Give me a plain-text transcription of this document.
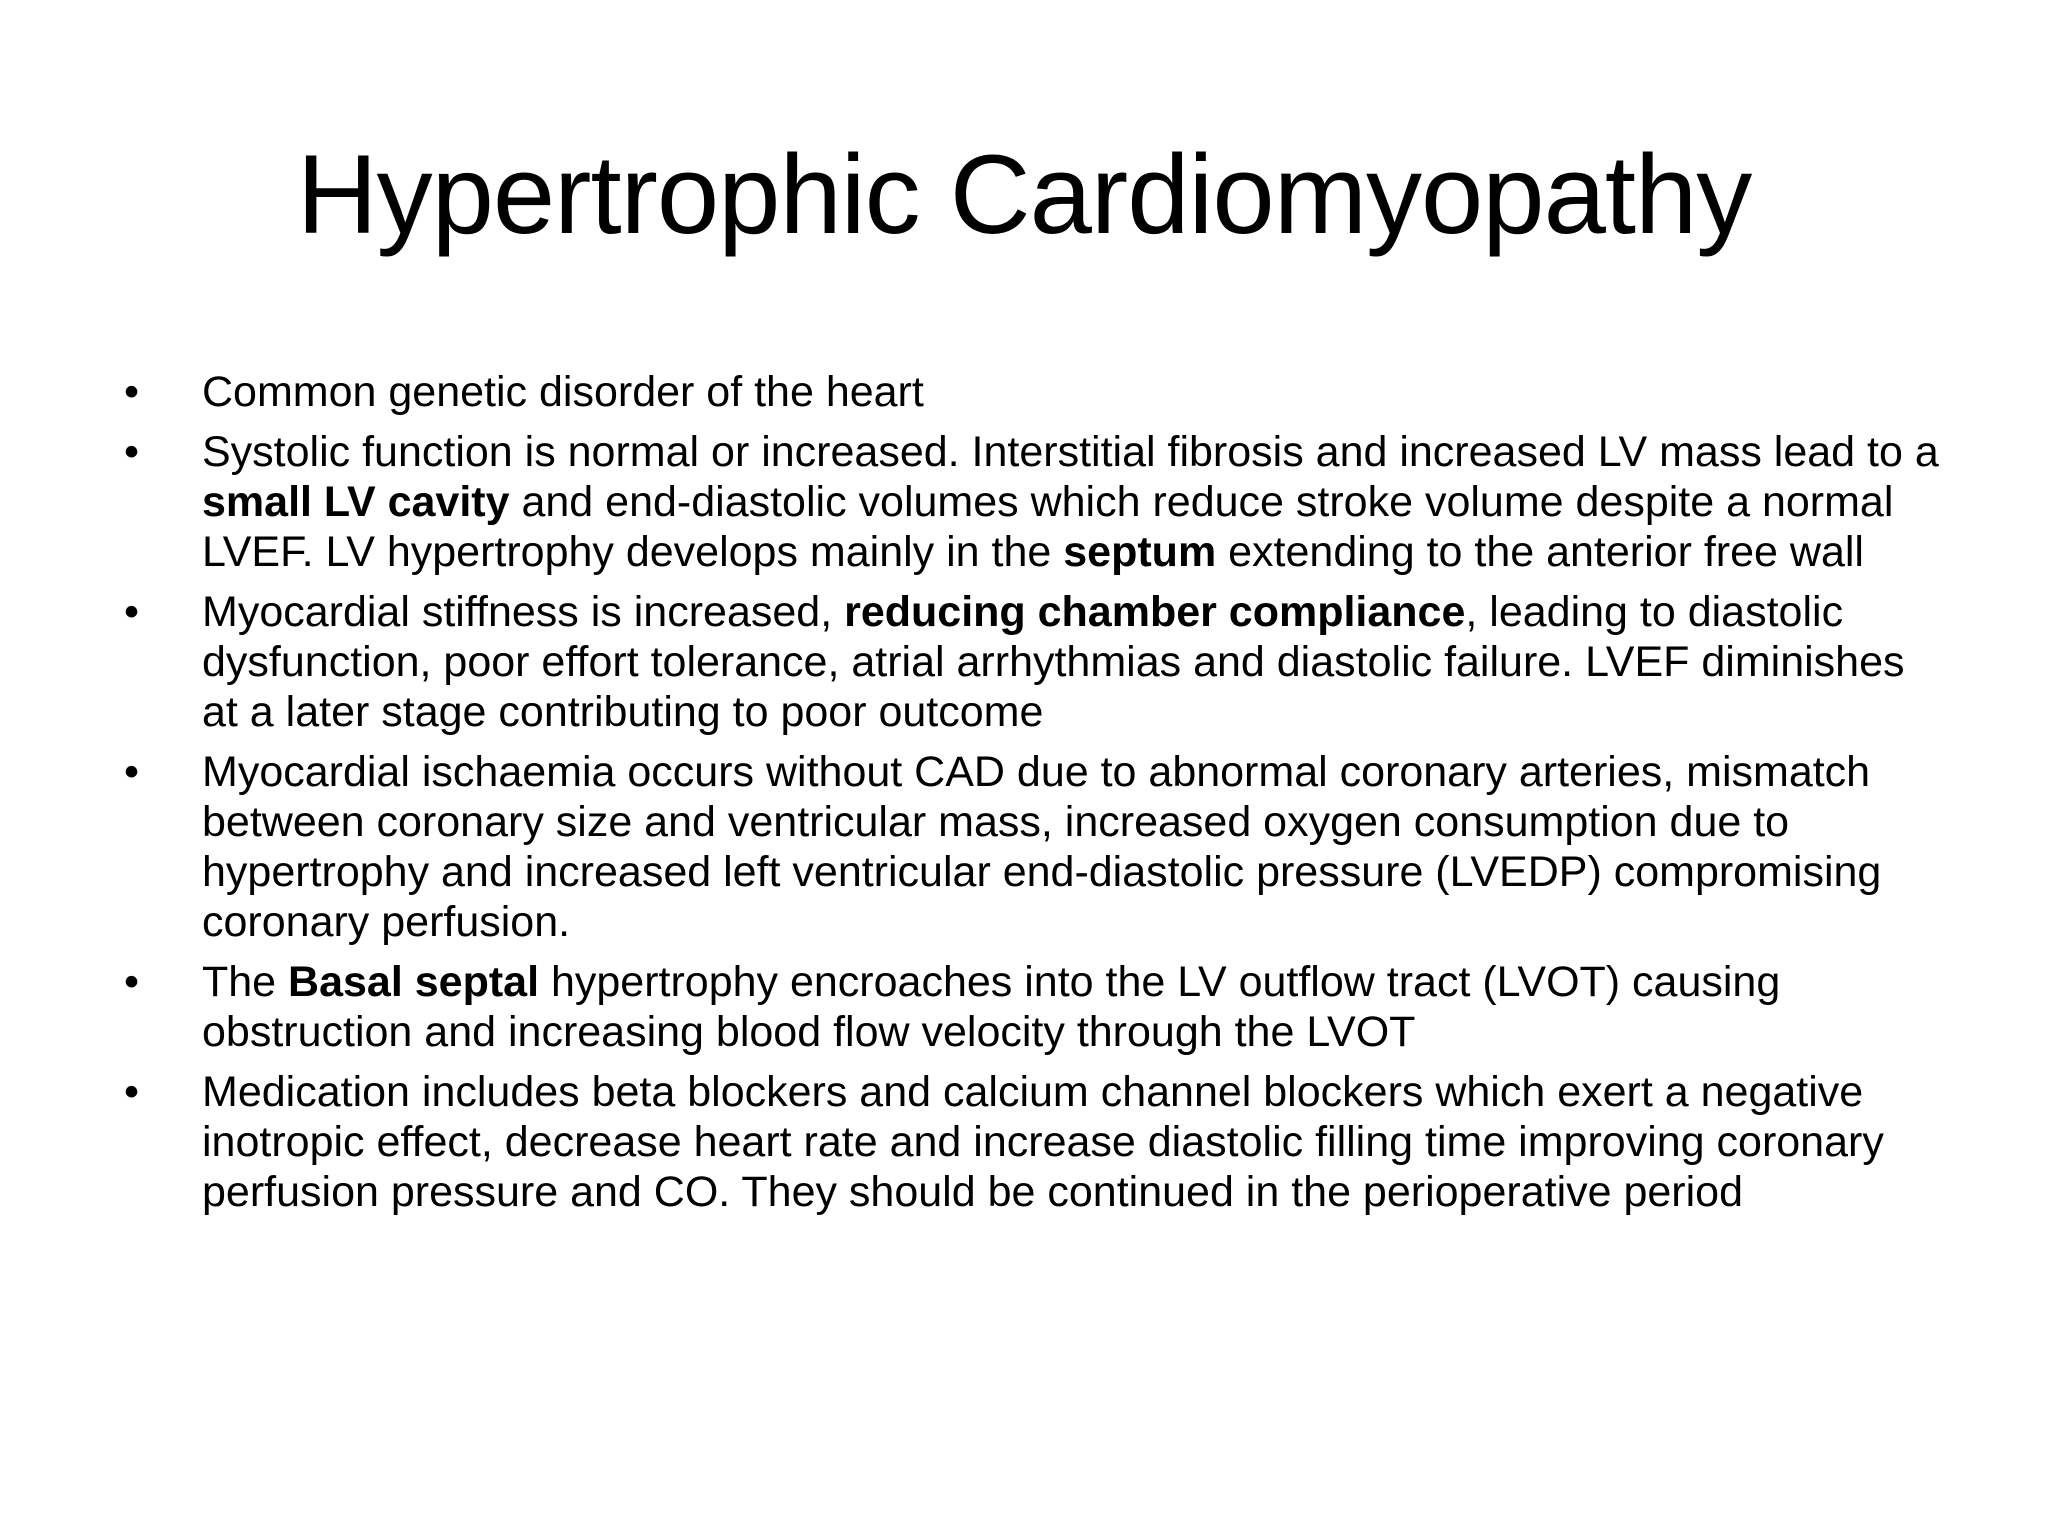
Hypertrophic Cardiomyopathy
• Common genetic disorder of the heart
• Systolic function is normal or increased. Interstitial fibrosis and increased LV mass lead to a small LV cavity and end-diastolic volumes which reduce stroke volume despite a normal LVEF. LV hypertrophy develops mainly in the septum extending to the anterior free wall
• Myocardial stiffness is increased, reducing chamber compliance, leading to diastolic dysfunction, poor effort tolerance, atrial arrhythmias and diastolic failure. LVEF diminishes at a later stage contributing to poor outcome
• Myocardial ischaemia occurs without CAD due to abnormal coronary arteries, mismatch between coronary size and ventricular mass, increased oxygen consumption due to hypertrophy and increased left ventricular end-diastolic pressure (LVEDP) compromising coronary perfusion.
• The Basal septal hypertrophy encroaches into the LV outflow tract (LVOT) causing obstruction and increasing blood flow velocity through the LVOT
• Medication includes beta blockers and calcium channel blockers which exert a negative inotropic effect, decrease heart rate and increase diastolic filling time improving coronary perfusion pressure and CO. They should be continued in the perioperative period
